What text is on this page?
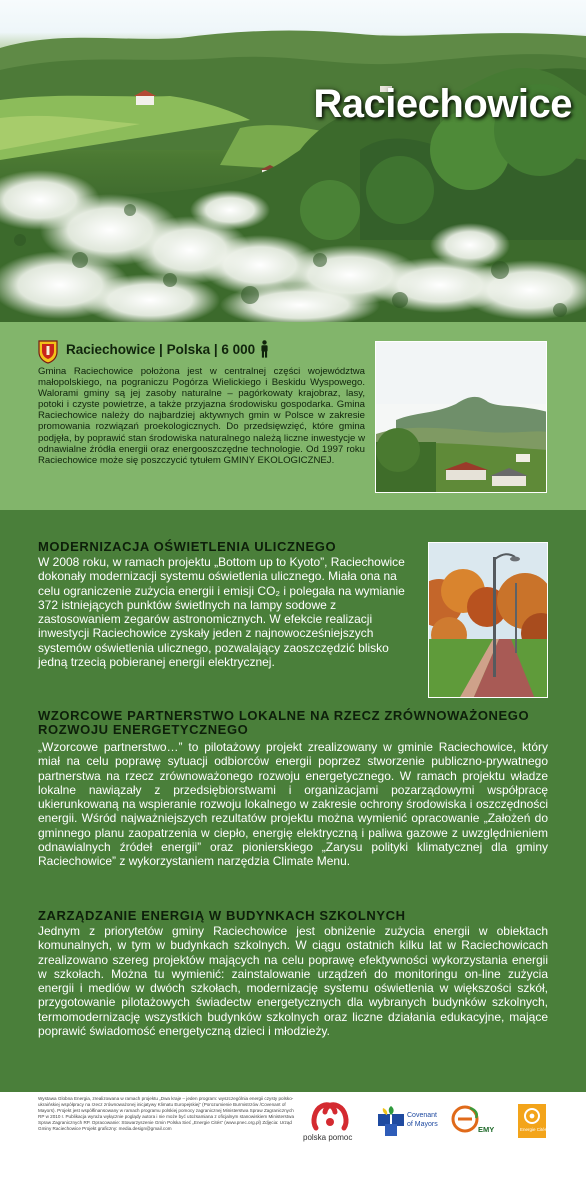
Raciechowice
Raciechowice | Polska | 6 000
Gmina Raciechowice położona jest w centralnej części województwa małopolskiego, na pograniczu Pogórza Wielickiego i Beskidu Wyspowego. Walorami gminy są jej zasoby naturalne – pagórkowaty krajobraz, lasy, potoki i czyste powietrze, a także przyjazna środowisku gospodarka. Gmina Raciechowice należy do najbardziej aktywnych gmin w Polsce w zakresie promowania rozwiązań proekologicznych. Do przedsięwzięć, które gmina podjęła, by poprawić stan środowiska naturalnego należą liczne inwestycje w odnawialne źródła energii oraz energooszczędne technologie. Od 1997 roku Raciechowice może się poszczycić tytułem GMINY EKOLOGICZNEJ.
MODERNIZACJA OŚWIETLENIA ULICZNEGO
W 2008 roku, w ramach projektu „Bottom up to Kyoto”, Raciechowice dokonały modernizacji systemu oświetlenia ulicznego. Miała ona na celu ograniczenie zużycia energii i emisji CO₂ i polegała na wymianie 372 istniejących punktów świetlnych na lampy sodowe z zastosowaniem zegarów astronomicznych. W efekcie realizacji inwestycji Raciechowice zyskały jeden z najnowocześniejszych systemów oświetlenia ulicznego, pozwalający zaoszczędzić blisko jedną trzecią pobieranej energii elektrycznej.
WZORCOWE PARTNERSTWO LOKALNE NA RZECZ ZRÓWNOWAŻONEGO ROZWOJU ENERGETYCZNEGO
„Wzorcowe partnerstwo…” to pilotażowy projekt zrealizowany w gminie Raciechowice, który miał na celu poprawę sytuacji odbiorców energii poprzez stworzenie publiczno-prywatnego partnerstwa na rzecz zrównoważonego rozwoju energetycznego. W ramach projektu władze lokalne nawiązały z przedsiębiorstwami i organizacjami pozarządowymi współpracę ukierunkowaną na wspieranie rozwoju lokalnego w zakresie ochrony środowiska i oszczędności energii. Wśród najważniejszych rezultatów projektu można wymienić opracowanie „Założeń do gminnego planu zaopatrzenia w ciepło, energię elektryczną i paliwa gazowe z uwzględnieniem odnawialnych źródeł energii” oraz pionierskiego „Zarysu polityki klimatycznej dla gminy Raciechowice” z wykorzystaniem narzędzia Climate Menu.
ZARZĄDZANIE ENERGIĄ W BUDYNKACH SZKOLNYCH
Jednym z priorytetów gminy Raciechowice jest obniżenie zużycia energii w obiektach komunalnych, w tym w budynkach szkolnych. W ciągu ostatnich kilku lat w Raciechowicach zrealizowano szereg projektów mających na celu poprawę efektywności wykorzystania energii w szkołach. Można tu wymienić: zainstalowanie urządzeń do monitoringu on-line zużycia energii i mediów w dwóch szkołach, modernizację systemu oświetlenia w większości szkół, przygotowanie pilotażowych świadectw energetycznych dla wybranych budynków szkolnych, termomodernizację wszystkich budynków szkolnych oraz liczne działania edukacyjne, mające poprawić świadomość energetyczną dzieci i młodzieży.
Wystawa Globna Energia, zrealizowana w ramach projektu „Dwa kraje – jeden program: wyszczególnia energii czysty polsko-ukraińskiej współpracy na rzecz zrównoważonej inicjatywy Klimatu Europejskiej” (Porozumienie Burmistrzów /Covenant of Mayors). Projekt jest współfinansowany w ramach programu polskiej pomocy zagranicznej Ministerstwa Spraw Zagranicznych RP w 2010 r. Publikacja wyraża wyłącznie poglądy autora i nie może być utożsamiana z oficjalnym stanowiskiem Ministerstwa Spraw Zagranicznych RP. Opracowanie: Stowarzyszenie Gmin Polska Sieć „Energie Cités” (www.pnec.org.pl) Zdjęcia: Urząd Gminy Raciechowice Projekt graficzny: media.design@gmail.com
polska pomoc
Covenant
of Mayors
EMY	Energie Cités
